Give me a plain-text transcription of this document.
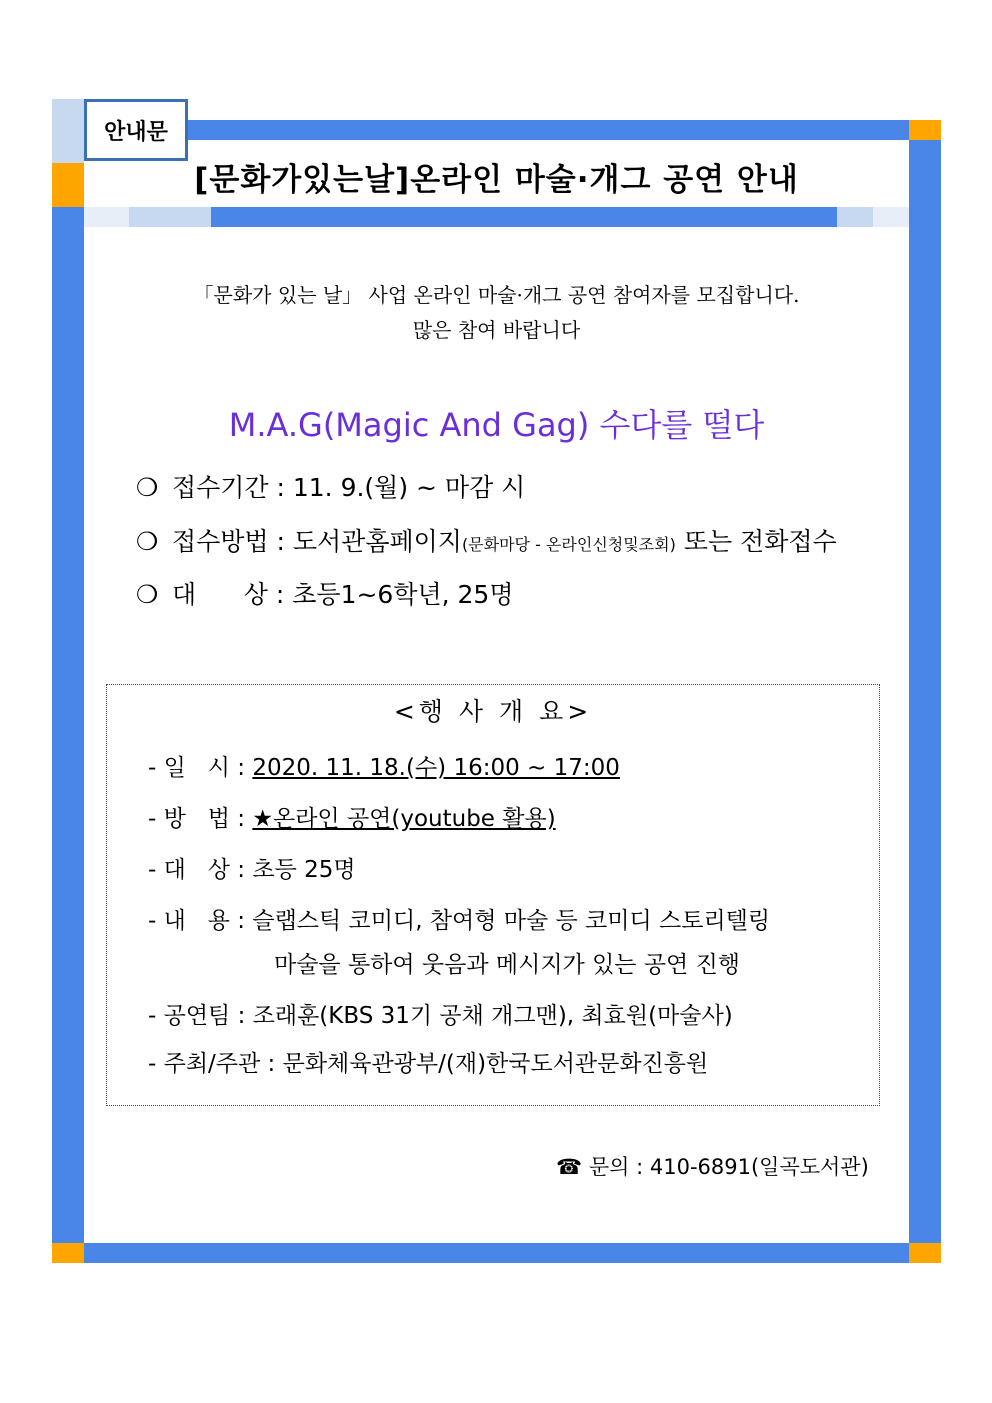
안내문
[문화가있는날]온라인 마술·개그 공연 안내
「문화가 있는 날」 사업 온라인 마술·개그 공연 참여자를 모집합니다.
많은 참여 바랍니다
M.A.G(Magic And Gag) 수다를 떨다
❍ 접수기간 : 11. 9.(월) ~ 마감 시
❍ 접수방법 : 도서관홈페이지(문화마당 - 온라인신청및조회) 또는 전화접수
❍ 대      상 : 초등1~6학년, 25명
<행 사 개 요>
- 일   시 : 2020. 11. 18.(수) 16:00 ~ 17:00
- 방   법 : ★온라인 공연(youtube 활용)
- 대   상 : 초등 25명
- 내   용 : 슬랩스틱 코미디, 참여형 마술 등 코미디 스토리텔링
마술을 통하여 웃음과 메시지가 있는 공연 진행
- 공연팀 : 조래훈(KBS 31기 공채 개그맨), 최효원(마술사)
- 주최/주관 : 문화체육관광부/(재)한국도서관문화진흥원
☎ 문의 : 410-6891(일곡도서관)
